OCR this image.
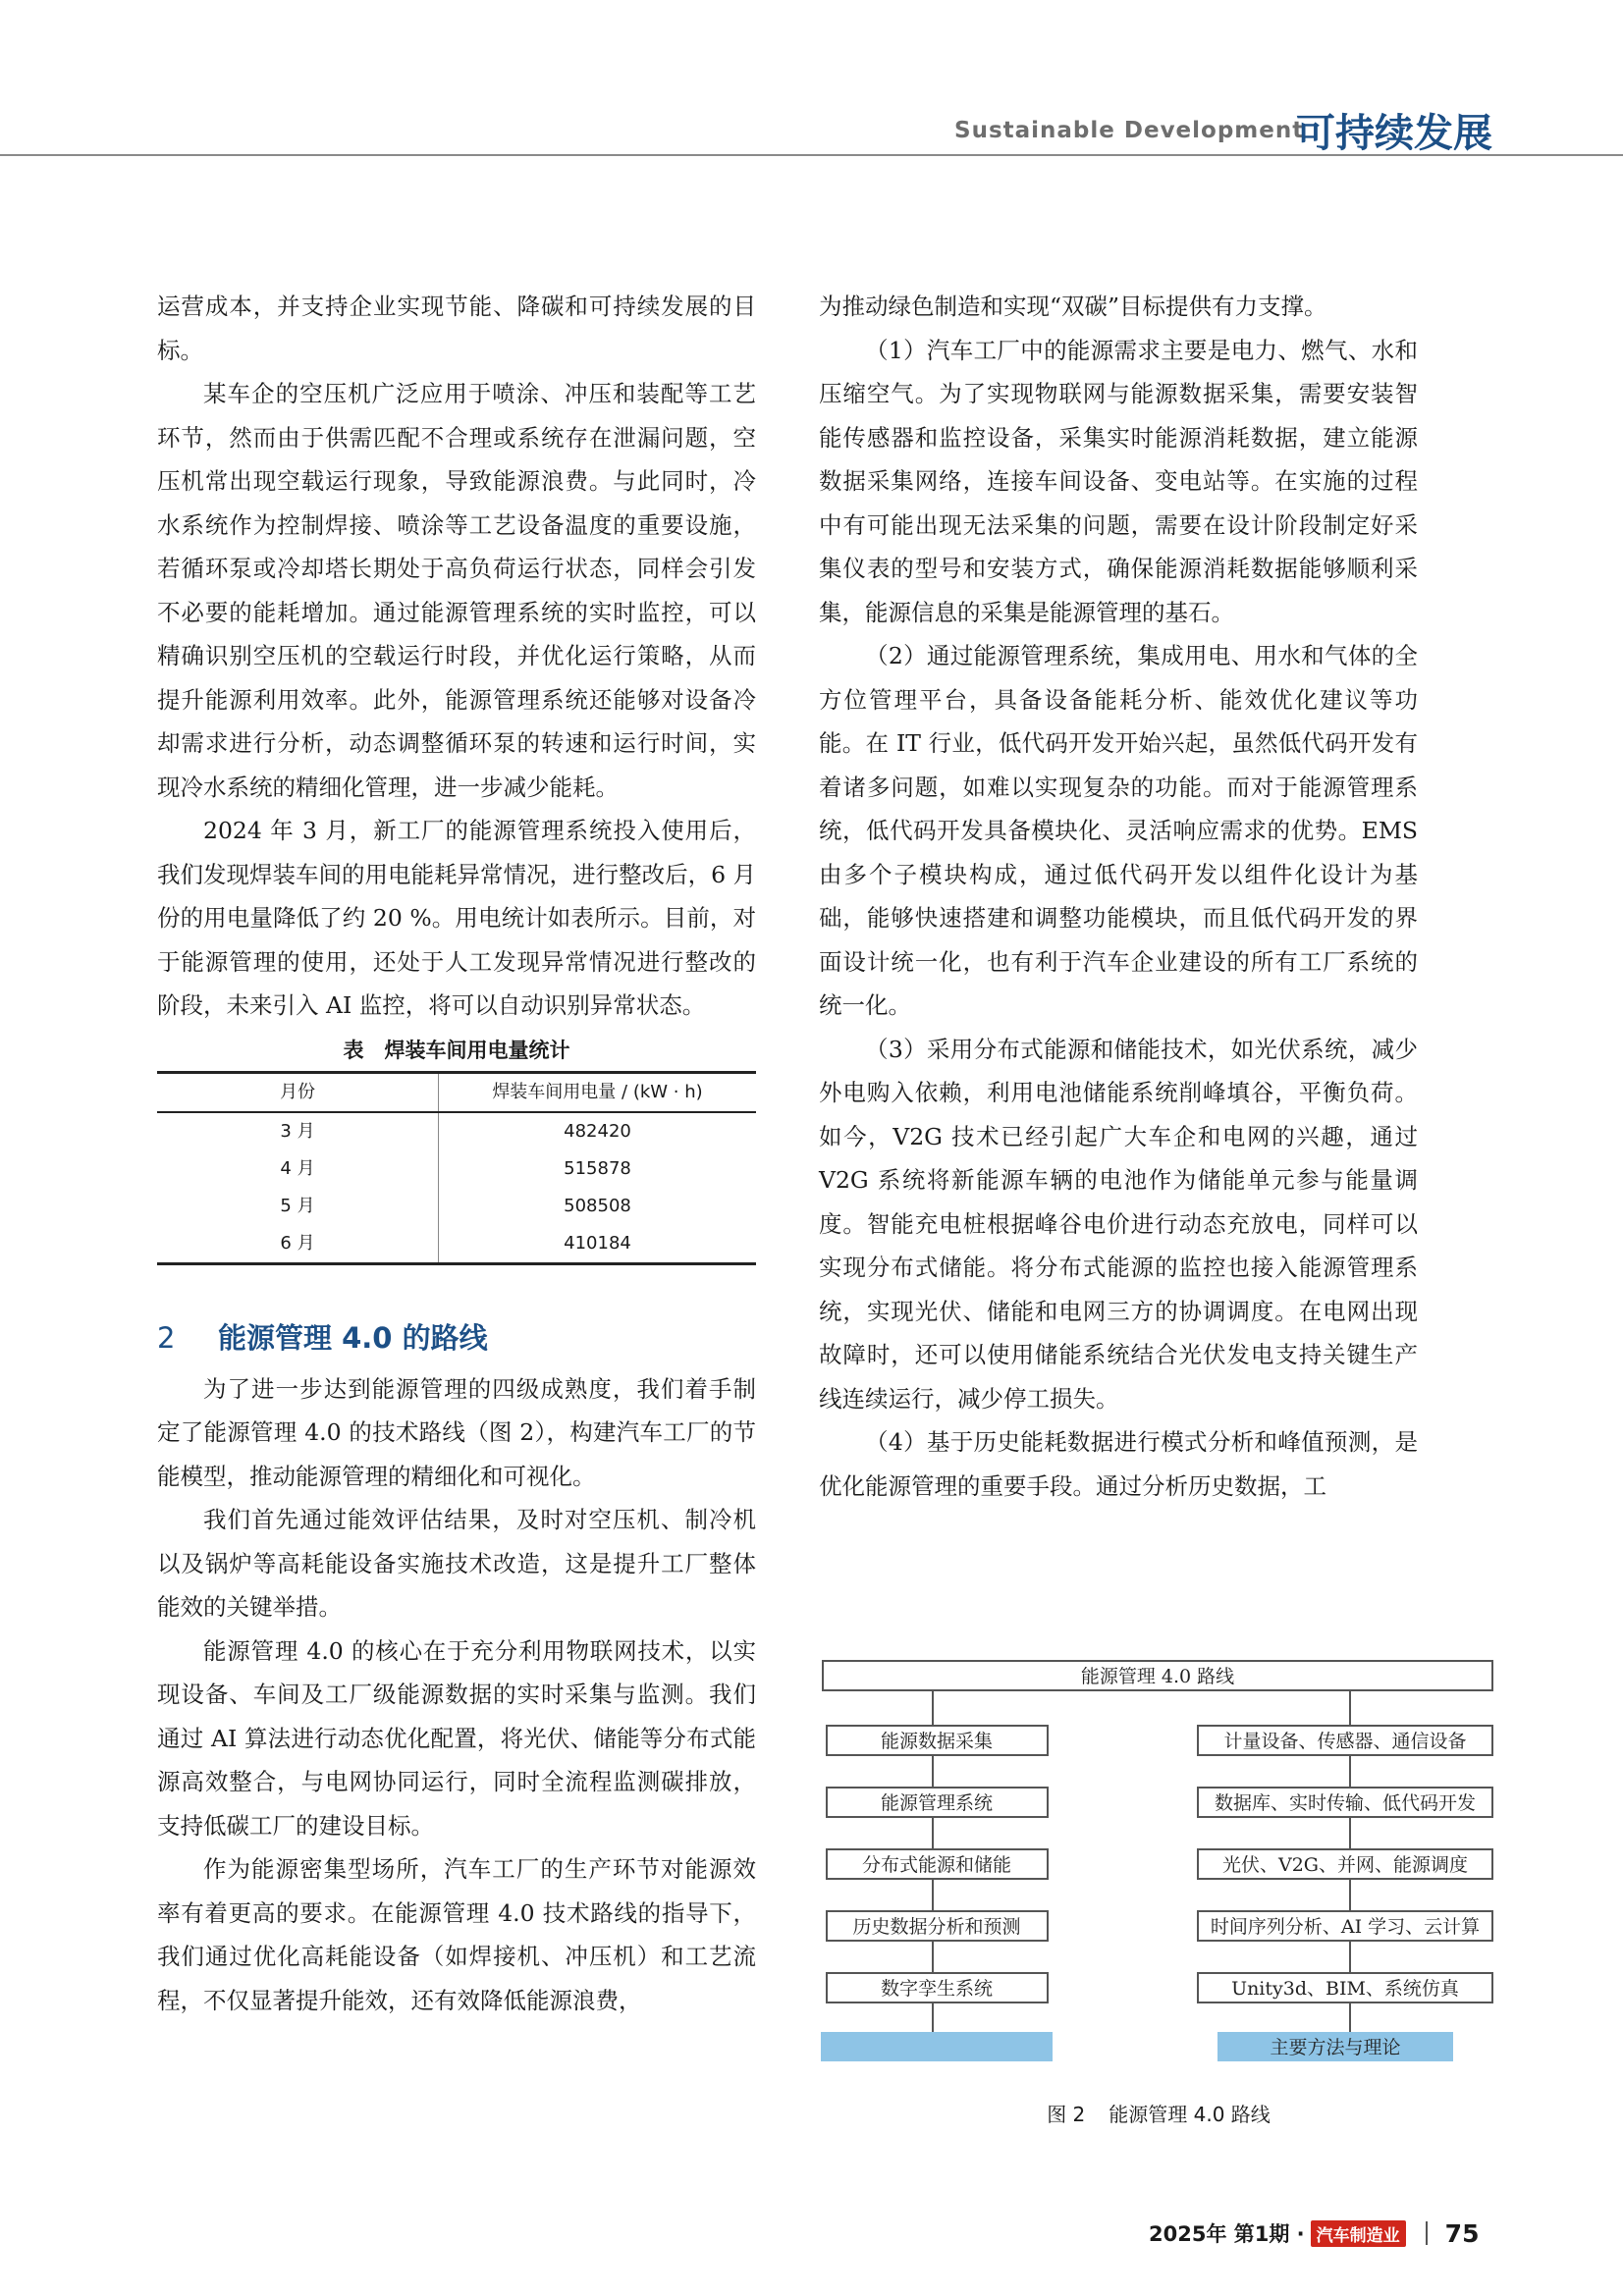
Sustainable Development
可持续发展

运营成本，并支持企业实现节能、降碳和可持续发展的目标。

某车企的空压机广泛应用于喷涂、冲压和装配等工艺环节，然而由于供需匹配不合理或系统存在泄漏问题，空压机常出现空载运行现象，导致能源浪费。与此同时，冷水系统作为控制焊接、喷涂等工艺设备温度的重要设施，若循环泵或冷却塔长期处于高负荷运行状态，同样会引发不必要的能耗增加。通过能源管理系统的实时监控，可以精确识别空压机的空载运行时段，并优化运行策略，从而提升能源利用效率。此外，能源管理系统还能够对设备冷却需求进行分析，动态调整循环泵的转速和运行时间，实现冷水系统的精细化管理，进一步减少能耗。

2024 年 3 月，新工厂的能源管理系统投入使用后，我们发现焊装车间的用电能耗异常情况，进行整改后，6 月份的用电量降低了约 20 %。用电统计如表所示。目前，对于能源管理的使用，还处于人工发现异常情况进行整改的阶段，未来引入 AI 监控，将可以自动识别异常状态。

表　焊装车间用电量统计
月份	焊装车间用电量 / (kW · h)
3 月	482420
4 月	515878
5 月	508508
6 月	410184
2 能源管理 4.0 的路线

为了进一步达到能源管理的四级成熟度，我们着手制定了能源管理 4.0 的技术路线（图 2），构建汽车工厂的节能模型，推动能源管理的精细化和可视化。

我们首先通过能效评估结果，及时对空压机、制冷机以及锅炉等高耗能设备实施技术改造，这是提升工厂整体能效的关键举措。

能源管理 4.0 的核心在于充分利用物联网技术，以实现设备、车间及工厂级能源数据的实时采集与监测。我们通过 AI 算法进行动态优化配置，将光伏、储能等分布式能源高效整合，与电网协同运行，同时全流程监测碳排放，支持低碳工厂的建设目标。

作为能源密集型场所，汽车工厂的生产环节对能源效率有着更高的要求。在能源管理 4.0 技术路线的指导下，我们通过优化高耗能设备（如焊接机、冲压机）和工艺流程，不仅显著提升能效，还有效降低能源浪费，

为推动绿色制造和实现“双碳”目标提供有力支撑。

（1）汽车工厂中的能源需求主要是电力、燃气、水和压缩空气。为了实现物联网与能源数据采集，需要安装智能传感器和监控设备，采集实时能源消耗数据，建立能源数据采集网络，连接车间设备、变电站等。在实施的过程中有可能出现无法采集的问题，需要在设计阶段制定好采集仪表的型号和安装方式，确保能源消耗数据能够顺利采集，能源信息的采集是能源管理的基石。

（2）通过能源管理系统，集成用电、用水和气体的全方位管理平台，具备设备能耗分析、能效优化建议等功能。在 IT 行业，低代码开发开始兴起，虽然低代码开发有着诸多问题，如难以实现复杂的功能。而对于能源管理系统，低代码开发具备模块化、灵活响应需求的优势。EMS 由多个子模块构成，通过低代码开发以组件化设计为基础，能够快速搭建和调整功能模块，而且低代码开发的界面设计统一化，也有利于汽车企业建设的所有工厂系统的统一化。

（3）采用分布式能源和储能技术，如光伏系统，减少外电购入依赖，利用电池储能系统削峰填谷，平衡负荷。如今，V2G 技术已经引起广大车企和电网的兴趣，通过 V2G 系统将新能源车辆的电池作为储能单元参与能量调度。智能充电桩根据峰谷电价进行动态充放电，同样可以实现分布式储能。将分布式能源的监控也接入能源管理系统，实现光伏、储能和电网三方的协调调度。在电网出现故障时，还可以使用储能系统结合光伏发电支持关键生产线连续运行，减少停工损失。

（4）基于历史能耗数据进行模式分析和峰值预测，是优化能源管理的重要手段。通过分析历史数据，工

能源管理 4.0 路线
能源数据采集
能源管理系统
分布式能源和储能
历史数据分析和预测
数字孪生系统
计量设备、传感器、通信设备
数据库、实时传输、低代码开发
光伏、V2G、并网、能源调度
时间序列分析、AI 学习、云计算
Unity3d、BIM、系统仿真
主要方法与理论
图 2 能源管理 4.0 路线
2025年 第1期 · 汽车制造业 75
